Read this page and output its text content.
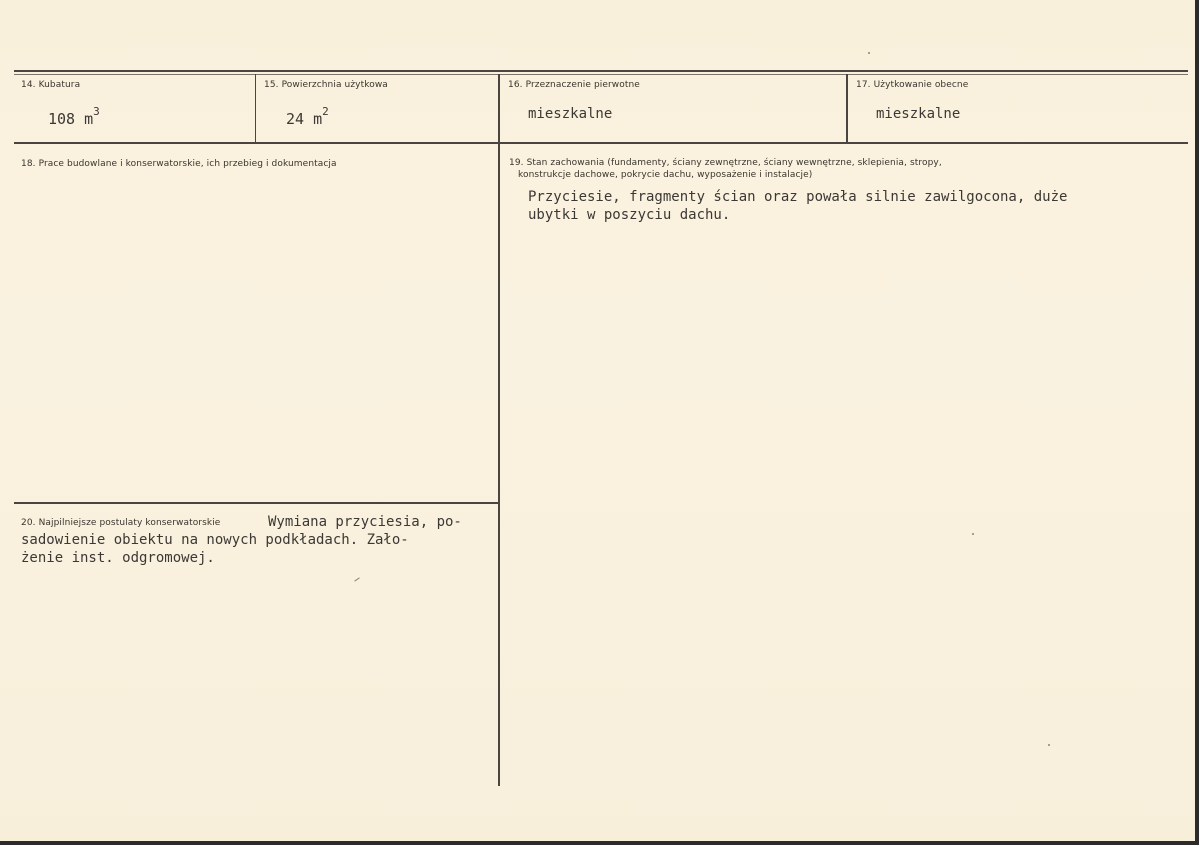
14. Kubatura
108 $m^3$
15. Powierzchnia użytkowa
24 $m^2$
16. Przeznaczenie pierwotne
mieszkalne
17. Użytkowanie obecne
mieszkalne
18. Prace budowlane i konserwatorskie, ich przebieg i dokumentacja	19. Stan zachowania (fundamenty, ściany zewnętrzne, ściany wewnętrzne, sklepienia, stropy,
konstrukcje dachowe, pokrycie dachu, wyposażenie i instalacje)
Przyciesie, fragmenty ścian oraz powała silnie zawilgocona, duże
ubytki w poszyciu dachu.
20. Najpilniejsze postulaty konserwatorskie	Wymiana przyciesia, po-
sadowienie obiektu na nowych podkładach. Zało-
żenie inst. odgromowej.
